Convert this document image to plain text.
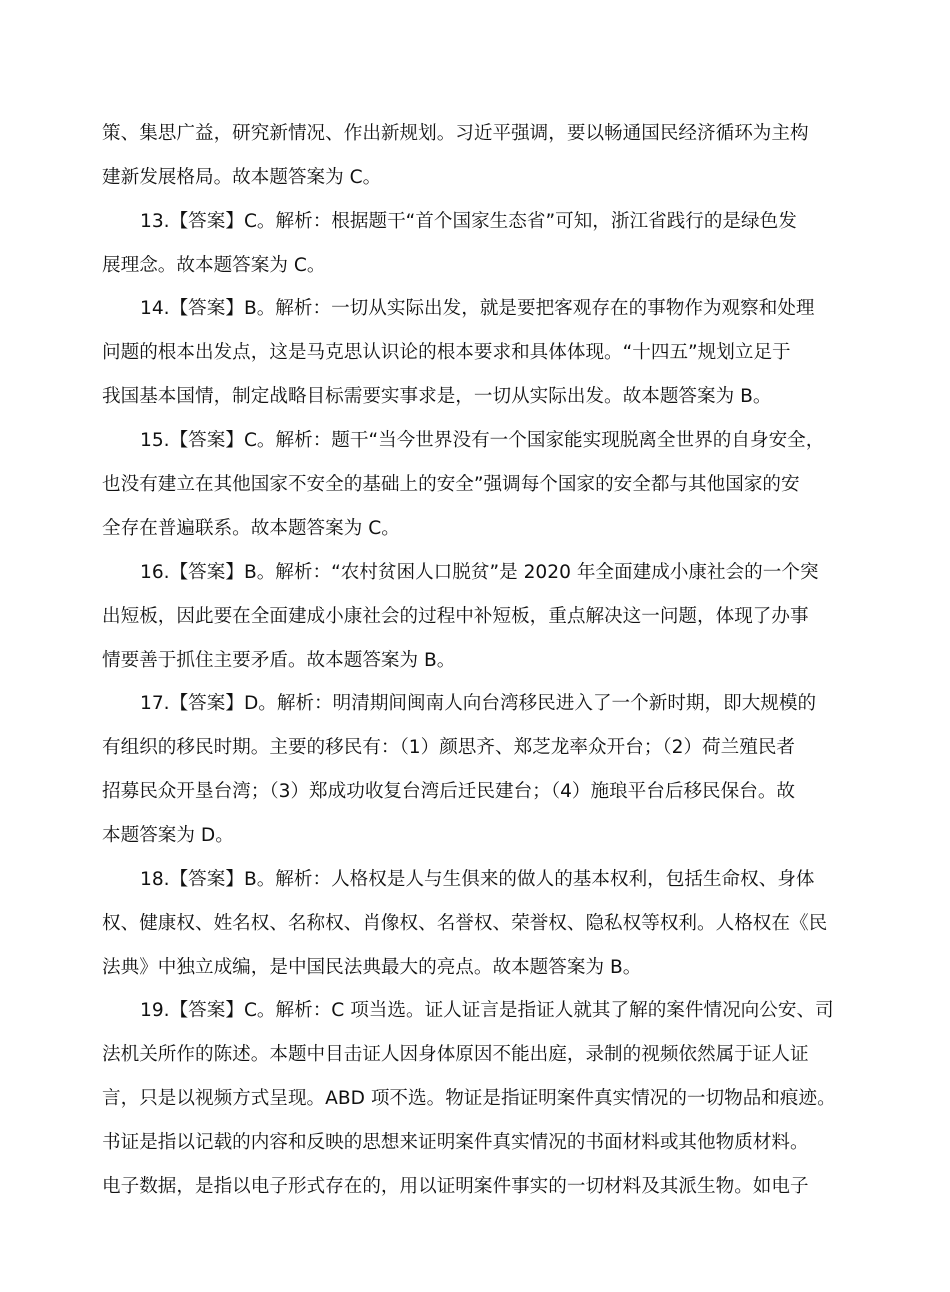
策、集思广益，研究新情况、作出新规划。习近平强调，要以畅通国民经济循环为主构
建新发展格局。故本题答案为 C。
13.【答案】C。解析：根据题干“首个国家生态省”可知，浙江省践行的是绿色发
展理念。故本题答案为 C。
14.【答案】B。解析：一切从实际出发，就是要把客观存在的事物作为观察和处理
问题的根本出发点，这是马克思认识论的根本要求和具体体现。“十四五”规划立足于
我国基本国情，制定战略目标需要实事求是，一切从实际出发。故本题答案为 B。
15.【答案】C。解析：题干“当今世界没有一个国家能实现脱离全世界的自身安全，
也没有建立在其他国家不安全的基础上的安全”强调每个国家的安全都与其他国家的安
全存在普遍联系。故本题答案为 C。
16.【答案】B。解析：“农村贫困人口脱贫”是 2020 年全面建成小康社会的一个突
出短板，因此要在全面建成小康社会的过程中补短板，重点解决这一问题，体现了办事
情要善于抓住主要矛盾。故本题答案为 B。
17.【答案】D。解析：明清期间闽南人向台湾移民进入了一个新时期，即大规模的
有组织的移民时期。主要的移民有：（1）颜思齐、郑芝龙率众开台；（2）荷兰殖民者
招募民众开垦台湾；（3）郑成功收复台湾后迁民建台；（4）施琅平台后移民保台。故
本题答案为 D。
18.【答案】B。解析：人格权是人与生俱来的做人的基本权利，包括生命权、身体
权、健康权、姓名权、名称权、肖像权、名誉权、荣誉权、隐私权等权利。人格权在《民
法典》中独立成编，是中国民法典最大的亮点。故本题答案为 B。
19.【答案】C。解析：C 项当选。证人证言是指证人就其了解的案件情况向公安、司
法机关所作的陈述。本题中目击证人因身体原因不能出庭，录制的视频依然属于证人证
言，只是以视频方式呈现。ABD 项不选。物证是指证明案件真实情况的一切物品和痕迹。
书证是指以记载的内容和反映的思想来证明案件真实情况的书面材料或其他物质材料。
电子数据，是指以电子形式存在的，用以证明案件事实的一切材料及其派生物。如电子
